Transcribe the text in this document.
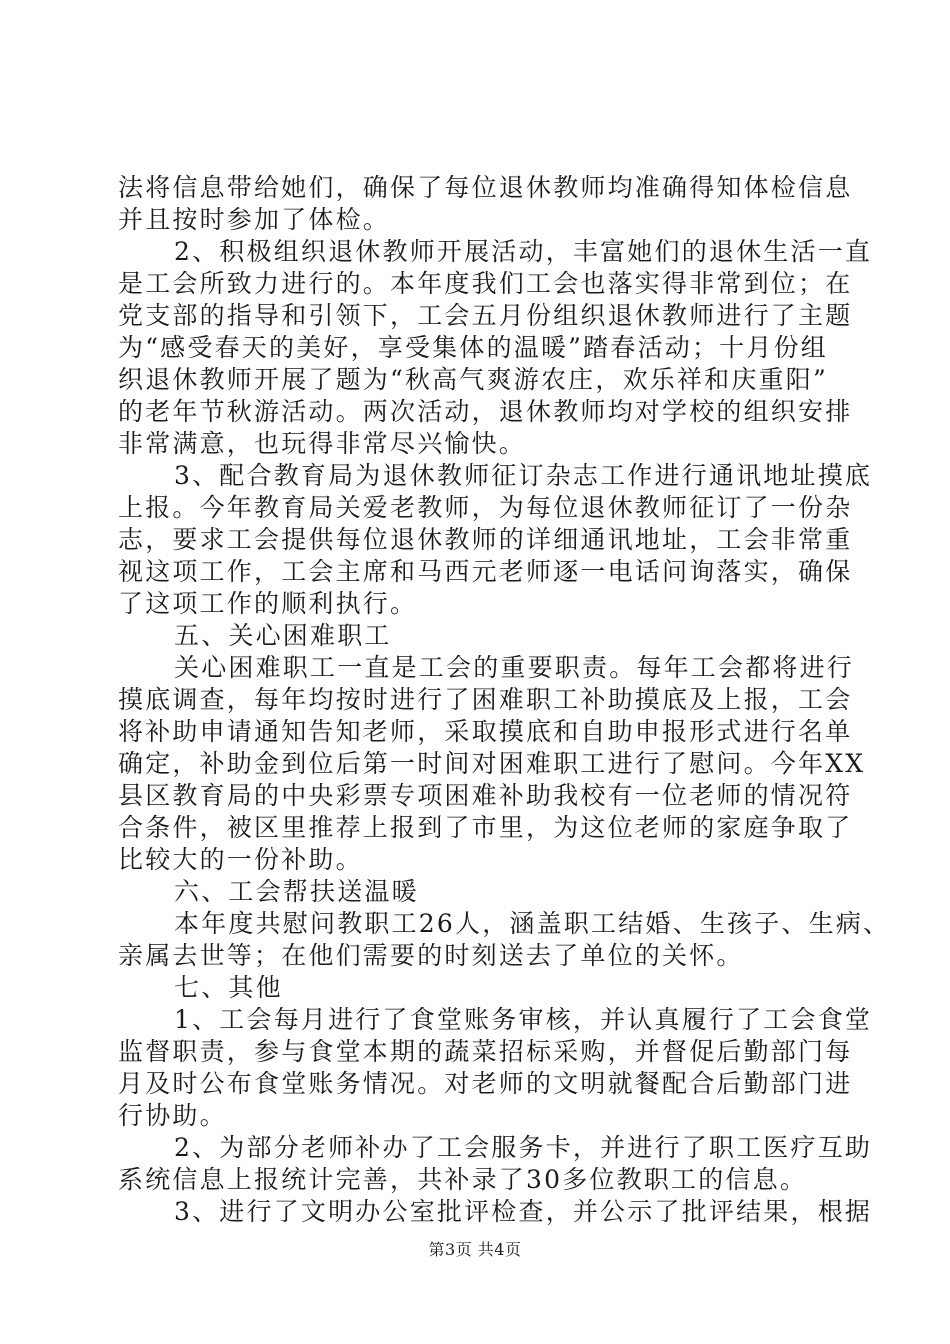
法将信息带给她们，确保了每位退休教师均准确得知体检信息
并且按时参加了体检。
2、积极组织退休教师开展活动，丰富她们的退休生活一直
是工会所致力进行的。本年度我们工会也落实得非常到位；在
党支部的指导和引领下，工会五月份组织退休教师进行了主题
为“感受春天的美好，享受集体的温暖”踏春活动；十月份组
织退休教师开展了题为“秋高气爽游农庄，欢乐祥和庆重阳”
的老年节秋游活动。两次活动，退休教师均对学校的组织安排
非常满意，也玩得非常尽兴愉快。
3、配合教育局为退休教师征订杂志工作进行通讯地址摸底
上报。今年教育局关爱老教师，为每位退休教师征订了一份杂
志，要求工会提供每位退休教师的详细通讯地址，工会非常重
视这项工作，工会主席和马西元老师逐一电话问询落实，确保
了这项工作的顺利执行。
五、关心困难职工
关心困难职工一直是工会的重要职责。每年工会都将进行
摸底调查，每年均按时进行了困难职工补助摸底及上报，工会
将补助申请通知告知老师，采取摸底和自助申报形式进行名单
确定，补助金到位后第一时间对困难职工进行了慰问。今年XX
县区教育局的中央彩票专项困难补助我校有一位老师的情况符
合条件，被区里推荐上报到了市里，为这位老师的家庭争取了
比较大的一份补助。
六、工会帮扶送温暖
本年度共慰问教职工26人，涵盖职工结婚、生孩子、生病、
亲属去世等；在他们需要的时刻送去了单位的关怀。
七、其他
1、工会每月进行了食堂账务审核，并认真履行了工会食堂
监督职责，参与食堂本期的蔬菜招标采购，并督促后勤部门每
月及时公布食堂账务情况。对老师的文明就餐配合后勤部门进
行协助。
2、为部分老师补办了工会服务卡，并进行了职工医疗互助
系统信息上报统计完善，共补录了30多位教职工的信息。
3、进行了文明办公室批评检查，并公示了批评结果，根据
第3页 共4页
